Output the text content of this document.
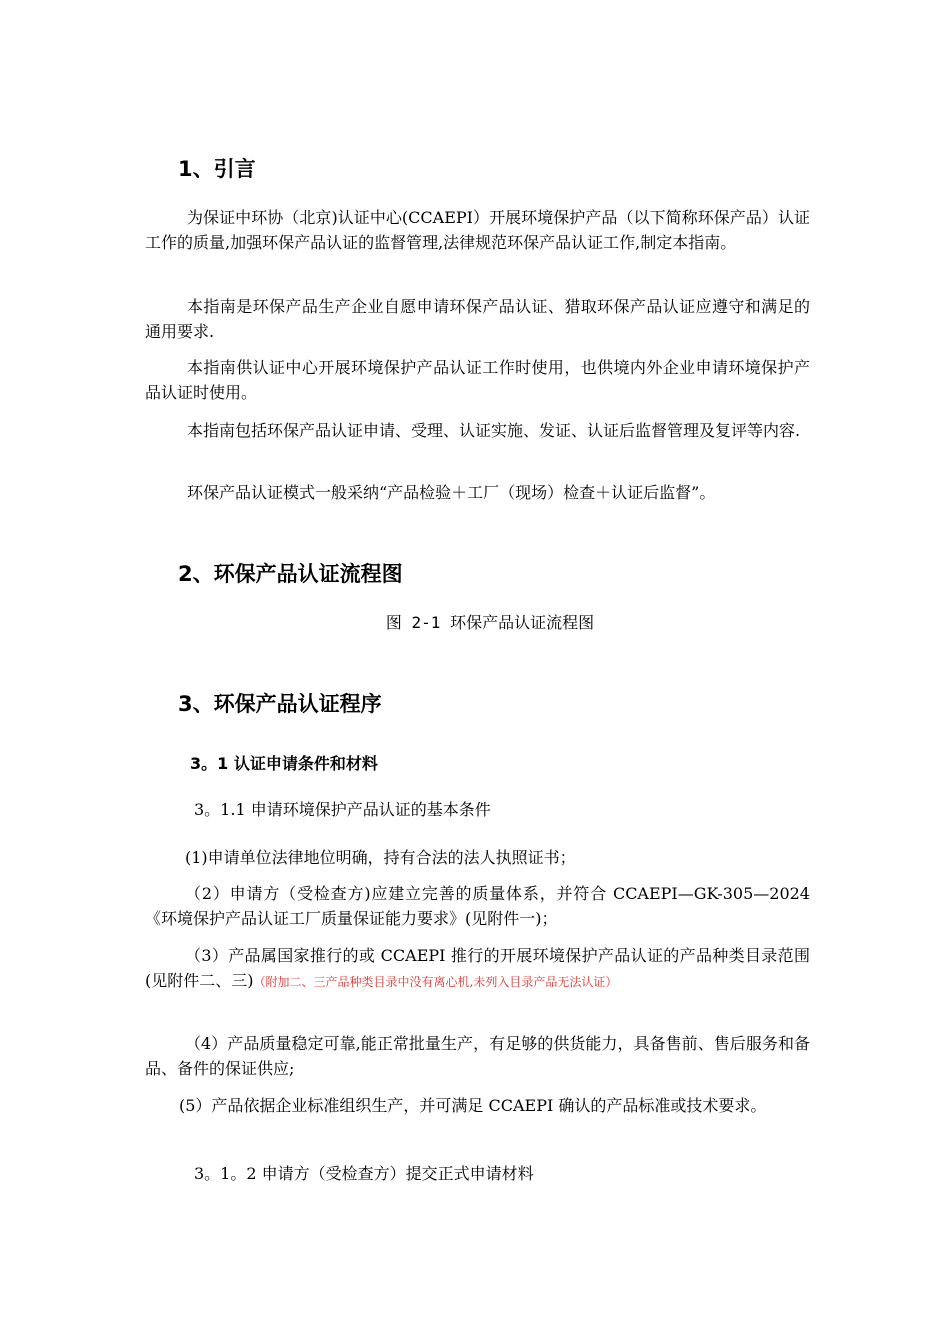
1、引言
为保证中环协（北京)认证中心(CCAEPI）开展环境保护产品（以下简称环保产品）认证工作的质量,加强环保产品认证的监督管理,法律规范环保产品认证工作,制定本指南。
本指南是环保产品生产企业自愿申请环保产品认证、猎取环保产品认证应遵守和满足的通用要求.
本指南供认证中心开展环境保护产品认证工作时使用，也供境内外企业申请环境保护产品认证时使用。
本指南包括环保产品认证申请、受理、认证实施、发证、认证后监督管理及复评等内容.
环保产品认证模式一般采纳“产品检验＋工厂（现场）检查＋认证后监督”。
2、环保产品认证流程图
图 2-1 环保产品认证流程图
3、环保产品认证程序
3。1 认证申请条件和材料
3。1.1 申请环境保护产品认证的基本条件
(1)申请单位法律地位明确，持有合法的法人执照证书；
（2）申请方（受检查方)应建立完善的质量体系，并符合 CCAEPI—GK-305—2024《环境保护产品认证工厂质量保证能力要求》(见附件一)；
（3）产品属国家推行的或 CCAEPI 推行的开展环境保护产品认证的产品种类目录范围(见附件二、三)（附加二、三产品种类目录中没有离心机,未列入目录产品无法认证）
（4）产品质量稳定可靠,能正常批量生产，有足够的供货能力，具备售前、售后服务和备品、备件的保证供应;
(5）产品依据企业标准组织生产，并可满足 CCAEPI 确认的产品标准或技术要求。
3。1。2 申请方（受检查方）提交正式申请材料
